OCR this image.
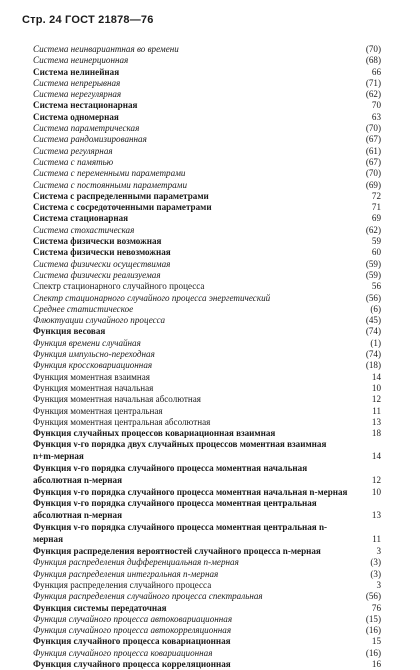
Стр. 24 ГОСТ 21878—76
Система неинвариантная во времени	(70)
Система неинерционная	(68)
Система нелинейная	66
Система непрерывная	(71)
Система нерегулярная	(62)
Система нестационарная	70
Система одномерная	63
Система параметрическая	(70)
Система рандомизированная	(67)
Система регулярная	(61)
Система с памятью	(67)
Система с переменными параметрами	(70)
Система с постоянными параметрами	(69)
Система с распределенными параметрами	72
Система с сосредоточенными параметрами	71
Система стационарная	69
Система стохастическая	(62)
Система физически возможная	59
Система физически невозможная	60
Система физически осуществимая	(59)
Система физически реализуемая	(59)
Спектр стационарного случайного процесса	56
Спектр стационарного случайного процесса энергетический	(56)
Среднее статистическое	(6)
Флюктуации случайного процесса	(45)
Функция весовая	(74)
Функция времени случайная	(1)
Функция импульсно-переходная	(74)
Функция кроссковариационная	(18)
Функция моментная взаимная	14
Функция моментная начальная	10
Функция моментная начальная абсолютная	12
Функция моментная центральная	11
Функция моментная центральная абсолютная	13
Функция случайных процессов ковариационная взаимная	18
Функция ν-го порядка двух случайных процессов моментная взаимная n+m-мерная	14
Функция ν-го порядка случайного процесса моментная начальная абсолютная n-мерная	12
Функция ν-го порядка случайного процесса моментная начальная n-мерная	10
Функция ν-го порядка случайного процесса моментная центральная абсолютная n-мерная	13
Функция ν-го порядка случайного процесса моментная центральная n-мерная	11
Функция распределения вероятностей случайного процесса n-мерная	3
Функция распределения дифференциальная n-мерная	(3)
Функция распределения интегральная n-мерная	(3)
Функция распределения случайного процесса	3
Функция распределения случайного процесса спектральная	(56)
Функция системы передаточная	76
Функция случайного процесса автоковариационная	(15)
Функция случайного процесса автокорреляционная	(16)
Функция случайного процесса ковариационная	15
Функция случайного процесса ковариационная	(16)
Функция случайного процесса корреляционная	16
